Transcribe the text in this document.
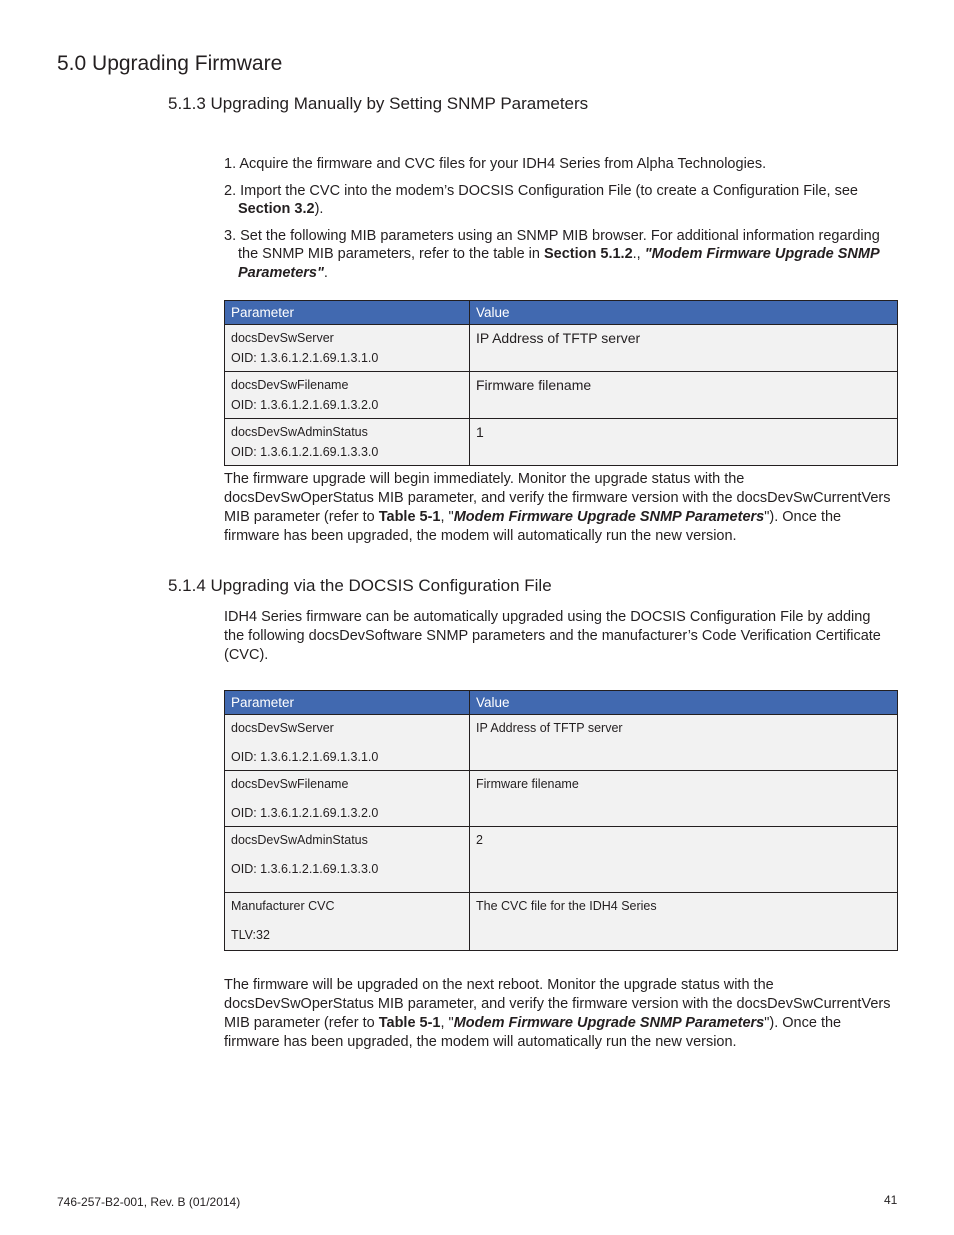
5.0 Upgrading Firmware
5.1.3 Upgrading Manually by Setting SNMP Parameters
1. Acquire the firmware and CVC files for your IDH4 Series from Alpha Technologies.
2. Import the CVC into the modem’s DOCSIS Configuration File (to create a Configuration File, see Section 3.2).
3. Set the following MIB parameters using an SNMP MIB browser. For additional information regarding the SNMP MIB parameters, refer to the table in Section 5.1.2., "Modem Firmware Upgrade SNMP Parameters".
Parameter	Value

docsDevSwServer
OID: 1.3.6.1.2.1.69.1.3.1.0	IP Address of TFTP server

docsDevSwFilename
OID: 1.3.6.1.2.1.69.1.3.2.0	Firmware filename

docsDevSwAdminStatus
OID: 1.3.6.1.2.1.69.1.3.3.0	1

The firmware upgrade will begin immediately. Monitor the upgrade status with the docsDevSwOperStatus MIB parameter, and verify the firmware version with the docsDevSwCurrentVers MIB parameter (refer to Table 5-1, "Modem Firmware Upgrade SNMP Parameters"). Once the firmware has been upgraded, the modem will automatically run the new version.

5.1.4 Upgrading via the DOCSIS Configuration File

IDH4 Series firmware can be automatically upgraded using the DOCSIS Configuration File by adding the following docsDevSoftware SNMP parameters and the manufacturer’s Code Verification Certificate (CVC).

Parameter	Value

docsDevSwServer
OID: 1.3.6.1.2.1.69.1.3.1.0	IP Address of TFTP server

docsDevSwFilename
OID: 1.3.6.1.2.1.69.1.3.2.0	Firmware filename

docsDevSwAdminStatus
OID: 1.3.6.1.2.1.69.1.3.3.0	2

Manufacturer CVC
TLV:32	The CVC file for the IDH4 Series

The firmware will be upgraded on the next reboot. Monitor the upgrade status with the docsDevSwOperStatus MIB parameter, and verify the firmware version with the docsDevSwCurrentVers MIB parameter (refer to Table 5-1, "Modem Firmware Upgrade SNMP Parameters"). Once the firmware has been upgraded, the modem will automatically run the new version.

746-257-B2-001, Rev. B (01/2014)	41
